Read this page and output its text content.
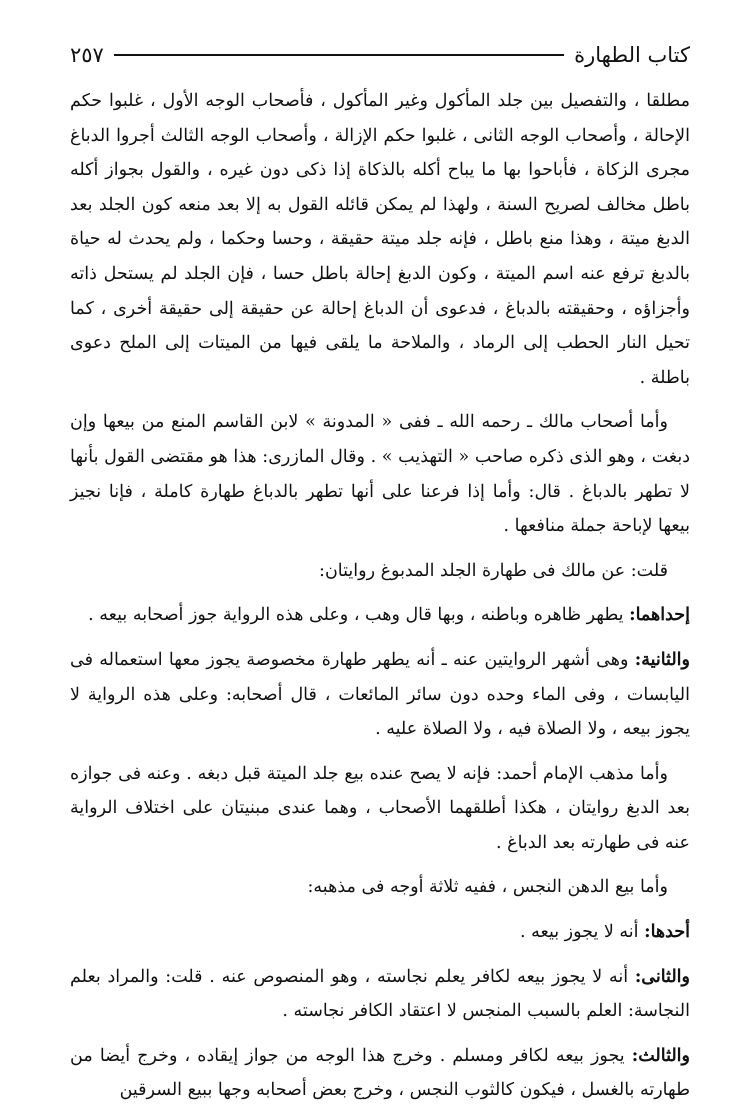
كتاب الطهارة
٢٥٧

مطلقا ، والتفصيل بين جلد المأكول وغير المأكول ، فأصحاب الوجه الأول ، غلبوا حكم الإحالة ، وأصحاب الوجه الثانى ، غلبوا حكم الإزالة ، وأصحاب الوجه الثالث أجروا الدباغ مجرى الزكاة ، فأباحوا بها ما يباح أكله بالذكاة إذا ذكى دون غيره ، والقول بجواز أكله باطل مخالف لصريح السنة ، ولهذا لم يمكن قائله القول به إلا بعد منعه كون الجلد بعد الدبغ ميتة ، وهذا منع باطل ، فإنه جلد ميتة حقيقة ، وحسا وحكما ، ولم يحدث له حياة بالدبغ ترفع عنه اسم الميتة ، وكون الدبغ إحالة باطل حسا ، فإن الجلد لم يستحل ذاته وأجزاؤه ، وحقيقته بالدباغ ، فدعوى أن الدباغ إحالة عن حقيقة إلى حقيقة أخرى ، كما تحيل النار الحطب إلى الرماد ، والملاحة ما يلقى فيها من الميتات إلى الملح دعوى باطلة .

وأما أصحاب مالك ـ رحمه الله ـ ففى « المدونة » لابن القاسم المنع من بيعها وإن دبغت ، وهو الذى ذكره صاحب « التهذيب » . وقال المازرى: هذا هو مقتضى القول بأنها لا تطهر بالدباغ . قال: وأما إذا فرعنا على أنها تطهر بالدباغ طهارة كاملة ، فإنا نجيز بيعها لإباحة جملة منافعها .

قلت: عن مالك فى طهارة الجلد المدبوغ روايتان:

إحداهما: يطهر ظاهره وباطنه ، وبها قال وهب ، وعلى هذه الرواية جوز أصحابه بيعه .

والثانية: وهى أشهر الروايتين عنه ـ أنه يطهر طهارة مخصوصة يجوز معها استعماله فى اليابسات ، وفى الماء وحده دون سائر المائعات ، قال أصحابه: وعلى هذه الرواية لا يجوز بيعه ، ولا الصلاة فيه ، ولا الصلاة عليه .

وأما مذهب الإمام أحمد: فإنه لا يصح عنده بيع جلد الميتة قبل دبغه . وعنه فى جوازه بعد الدبغ روايتان ، هكذا أطلقهما الأصحاب ، وهما عندى مبنيتان على اختلاف الرواية عنه فى طهارته بعد الدباغ .

وأما بيع الدهن النجس ، ففيه ثلاثة أوجه فى مذهبه:

أحدها: أنه لا يجوز بيعه .

والثانى: أنه لا يجوز بيعه لكافر يعلم نجاسته ، وهو المنصوص عنه . قلت: والمراد بعلم النجاسة: العلم بالسبب المنجس لا اعتقاد الكافر نجاسته .

والثالث: يجوز بيعه لكافر ومسلم . وخرج هذا الوجه من جواز إيقاده ، وخرج أيضا من طهارته بالغسل ، فيكون كالثوب النجس ، وخرج بعض أصحابه وجها ببيع السرقين
